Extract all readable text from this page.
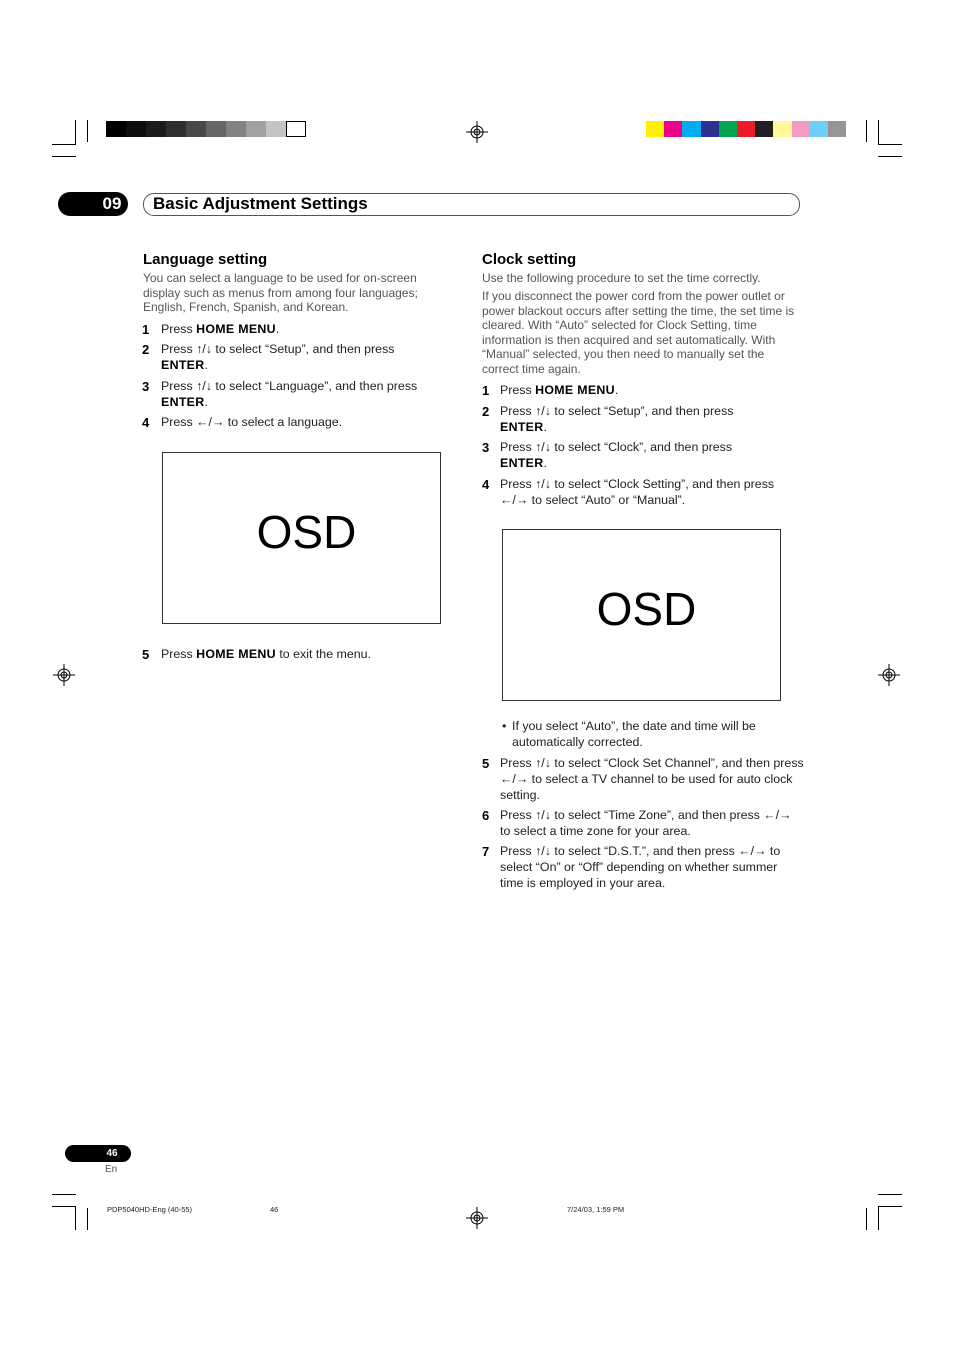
09 Basic Adjustment Settings
Language setting
You can select a language to be used for on-screen display such as menus from among four languages; English, French, Spanish, and Korean.
1 Press HOME MENU.
2 Press ↑/↓ to select “Setup”, and then press
ENTER.
3 Press ↑/↓ to select “Language”, and then press
ENTER.
4 Press ←/→ to select a language.
OSD
5 Press HOME MENU to exit the menu.
Clock setting
Use the following procedure to set the time correctly.
If you disconnect the power cord from the power outlet or power blackout occurs after setting the time, the set time is cleared. With “Auto” selected for Clock Setting, time information is then acquired and set automatically. With “Manual” selected, you then need to manually set the correct time again.
1 Press HOME MENU.
2 Press ↑/↓ to select “Setup”, and then press
ENTER.
3 Press ↑/↓ to select “Clock”, and then press
ENTER.
4 Press ↑/↓ to select “Clock Setting”, and then press ←/→ to select “Auto” or “Manual”.
OSD
• If you select “Auto”, the date and time will be automatically corrected.
5 Press ↑/↓ to select “Clock Set Channel”, and then press ←/→ to select a TV channel to be used for auto clock setting.
6 Press ↑/↓ to select “Time Zone”, and then press ←/→ to select a time zone for your area.
7 Press ↑/↓ to select “D.S.T.”, and then press ←/→ to select “On” or “Off” depending on whether summer time is employed in your area.
46
En
PDP5040HD-Eng (40-55)	46	7/24/03, 1:59 PM
